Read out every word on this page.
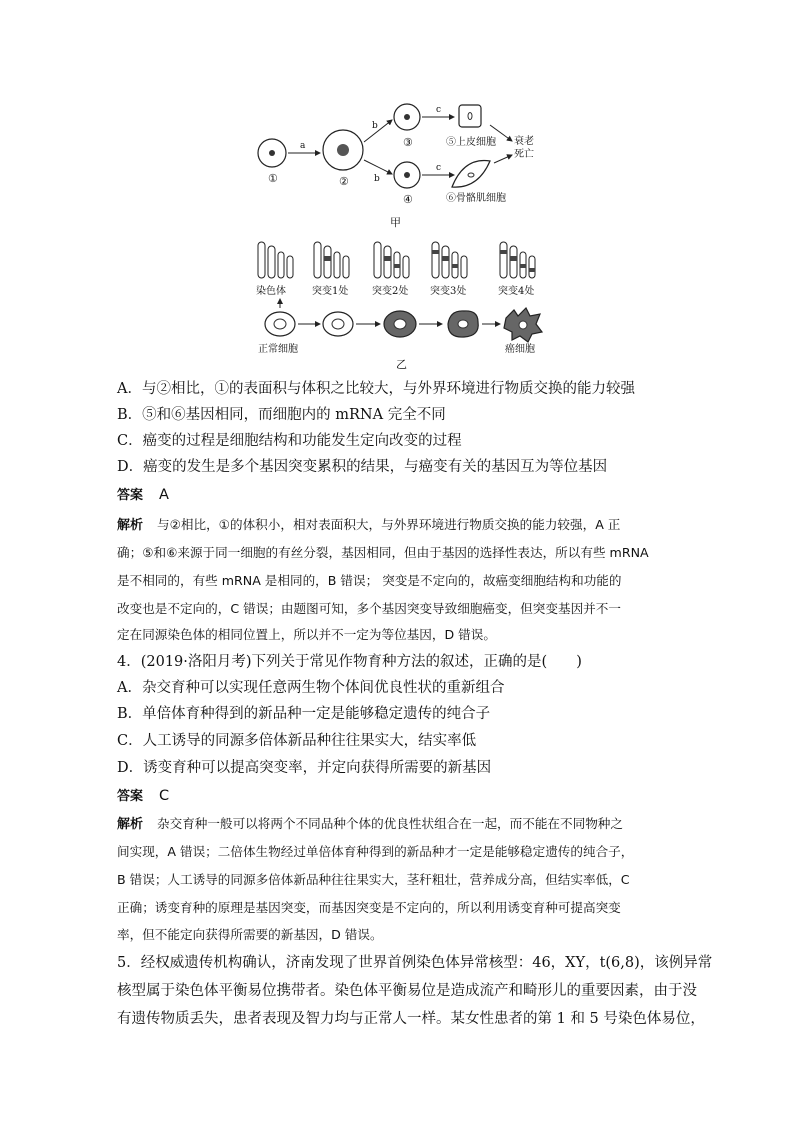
①
a
②
b
b
③
④
c
c
⑤上皮细胞
⑥骨骼肌细胞
衰老
死亡
甲
染色体	突变1处 突变2处 突变3处	突变4处
正常细胞	癌细胞
乙
A．与②相比，①的表面积与体积之比较大，与外界环境进行物质交换的能力较强
B．⑤和⑥基因相同，而细胞内的 mRNA 完全不同
C．癌变的过程是细胞结构和功能发生定向改变的过程
D．癌变的发生是多个基因突变累积的结果，与癌变有关的基因互为等位基因
答案 A
解析 与②相比，①的体积小，相对表面积大，与外界环境进行物质交换的能力较强，A 正
确；⑤和⑥来源于同一细胞的有丝分裂，基因相同，但由于基因的选择性表达，所以有些 mRNA
是不相同的，有些 mRNA 是相同的，B 错误； 突变是不定向的，故癌变细胞结构和功能的
改变也是不定向的，C 错误；由题图可知，多个基因突变导致细胞癌变，但突变基因并不一
定在同源染色体的相同位置上，所以并不一定为等位基因，D 错误。
4．(2019·洛阳月考)下列关于常见作物育种方法的叙述，正确的是(　　)
A．杂交育种可以实现任意两生物个体间优良性状的重新组合
B．单倍体育种得到的新品种一定是能够稳定遗传的纯合子
C．人工诱导的同源多倍体新品种往往果实大，结实率低
D．诱变育种可以提高突变率，并定向获得所需要的新基因
答案 C
解析 杂交育种一般可以将两个不同品种个体的优良性状组合在一起，而不能在不同物种之
间实现，A 错误；二倍体生物经过单倍体育种得到的新品种才一定是能够稳定遗传的纯合子，
B 错误；人工诱导的同源多倍体新品种往往果实大，茎秆粗壮，营养成分高，但结实率低，C
正确；诱变育种的原理是基因突变，而基因突变是不定向的，所以利用诱变育种可提高突变
率，但不能定向获得所需要的新基因，D 错误。
5．经权威遗传机构确认，济南发现了世界首例染色体异常核型：46，XY，t(6,8)，该例异常
核型属于染色体平衡易位携带者。染色体平衡易位是造成流产和畸形儿的重要因素，由于没
有遗传物质丢失，患者表现及智力均与正常人一样。某女性患者的第 1 和 5 号染色体易位，
